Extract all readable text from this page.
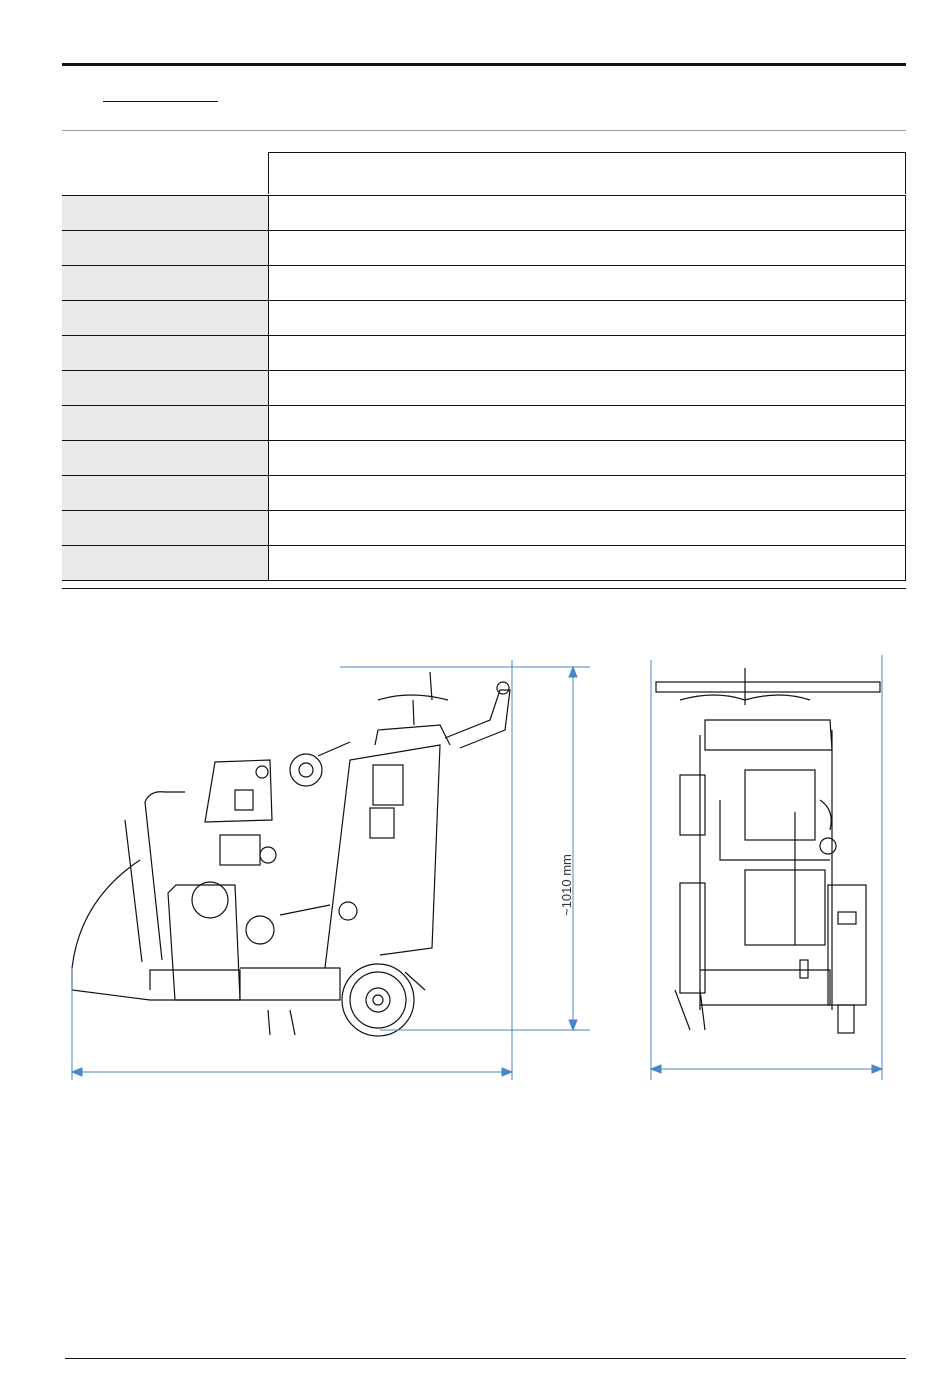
~1010 mm
